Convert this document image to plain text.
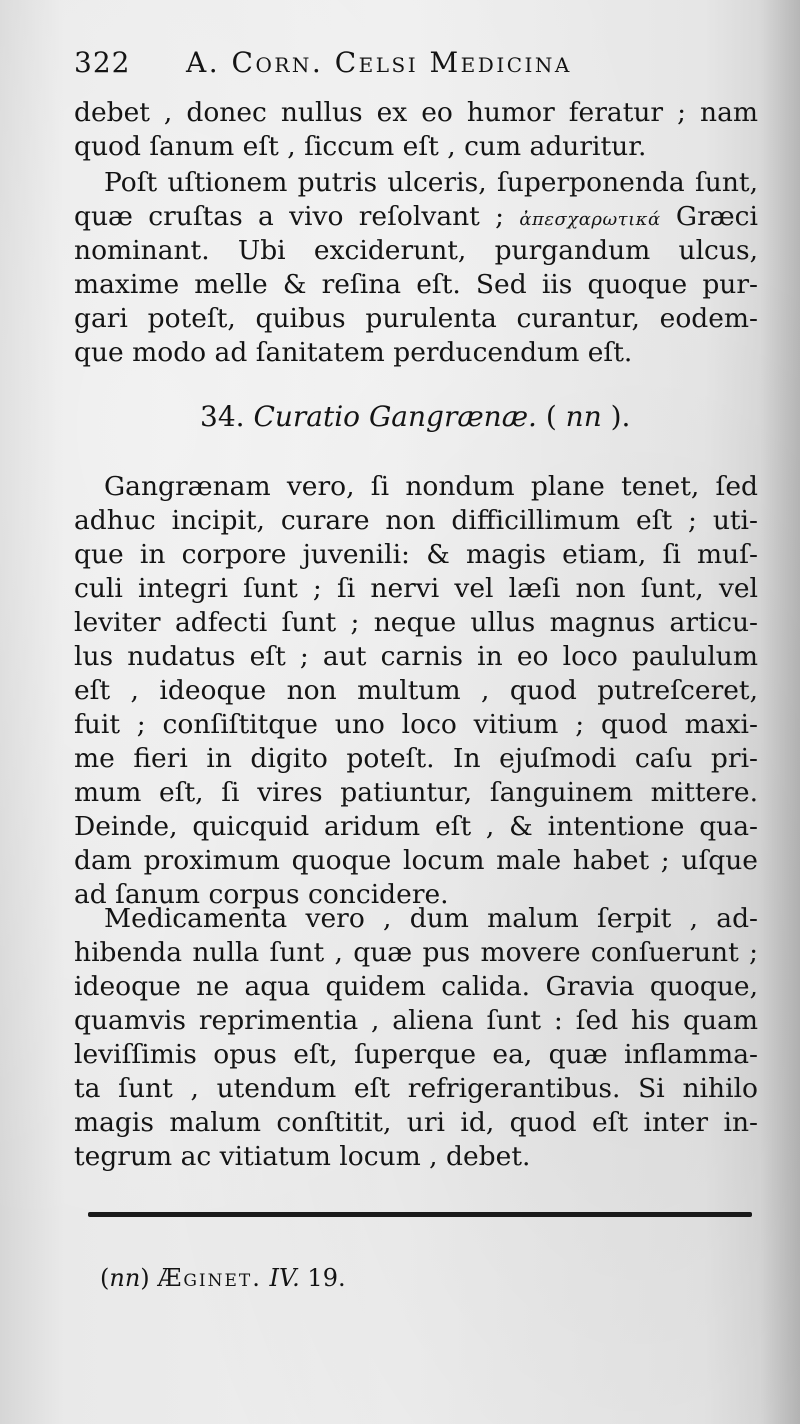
322 A. Corn. Celsi Medicina
debet , donec nullus ex eo humor feratur ; nam
quod ſanum eſt , ſiccum eſt , cum aduritur.
Poſt uſtionem putris ulceris, ſuperponenda ſunt,
quæ cruſtas a vivo reſolvant ; ἀπεσχαρωτικά Græci
nominant. Ubi exciderunt, purgandum ulcus,
maxime melle & reſina eſt. Sed iis quoque pur-
gari poteſt, quibus purulenta curantur, eodem-
que modo ad ſanitatem perducendum eſt.
34. Curatio Gangrænæ. ( nn ).
Gangrænam vero, ſi nondum plane tenet, ſed
adhuc incipit, curare non difficillimum eſt ; uti-
que in corpore juvenili: & magis etiam, ſi muſ-
culi integri ſunt ; ſi nervi vel læſi non ſunt, vel
leviter adfecti ſunt ; neque ullus magnus articu-
lus nudatus eſt ; aut carnis in eo loco paululum
eſt , ideoque non multum , quod putreſceret,
fuit ; conſiſtitque uno loco vitium ; quod maxi-
me fieri in digito poteſt. In ejuſmodi caſu pri-
mum eſt, ſi vires patiuntur, ſanguinem mittere.
Deinde, quicquid aridum eſt , & intentione qua-
dam proximum quoque locum male habet ; uſque
ad ſanum corpus concidere.
Medicamenta vero , dum malum ſerpit , ad-
hibenda nulla ſunt , quæ pus movere conſuerunt ;
ideoque ne aqua quidem calida. Gravia quoque,
quamvis reprimentia , aliena ſunt : ſed his quam
leviſſimis opus eſt, ſuperque ea, quæ inflamma-
ta ſunt , utendum eſt refrigerantibus. Si nihilo
magis malum conſtitit, uri id, quod eſt inter in-
tegrum ac vitiatum locum , debet.
(nn) Æginet. IV. 19.
